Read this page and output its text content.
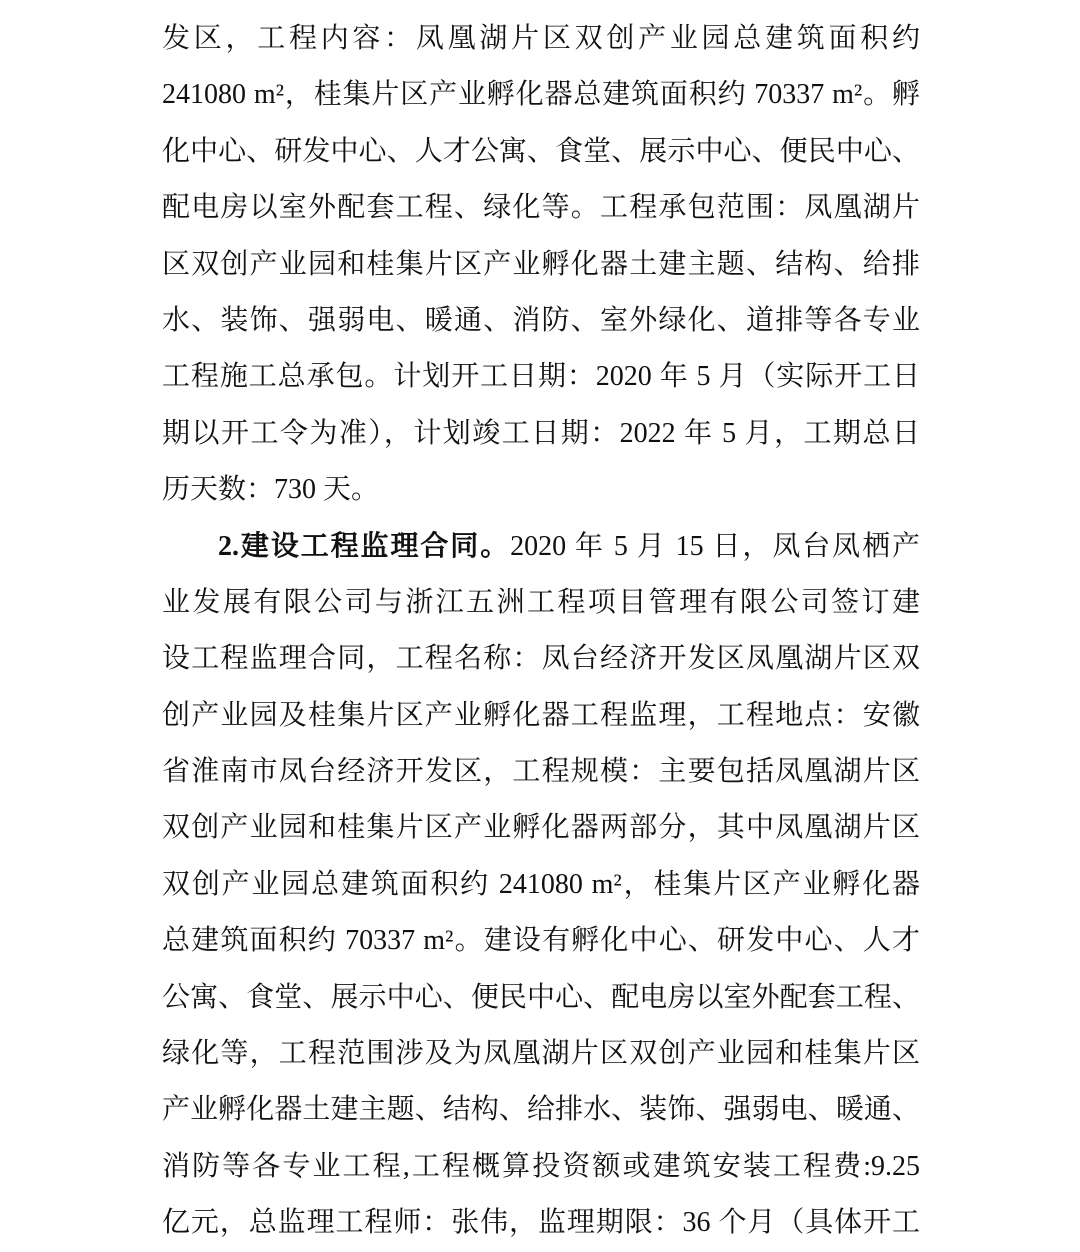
发区，工程内容：凤凰湖片区双创产业园总建筑面积约
241080 m²，桂集片区产业孵化器总建筑面积约 70337 m²。孵
化中心、研发中心、人才公寓、食堂、展示中心、便民中心、
配电房以室外配套工程、绿化等。工程承包范围：凤凰湖片
区双创产业园和桂集片区产业孵化器土建主题、结构、给排
水、装饰、强弱电、暖通、消防、室外绿化、道排等各专业
工程施工总承包。计划开工日期：2020 年 5 月（实际开工日
期以开工令为准），计划竣工日期：2022 年 5 月，工期总日
历天数：730 天。
2.建设工程监理合同。2020 年 5 月 15 日，凤台凤栖产
业发展有限公司与浙江五洲工程项目管理有限公司签订建
设工程监理合同，工程名称：凤台经济开发区凤凰湖片区双
创产业园及桂集片区产业孵化器工程监理，工程地点：安徽
省淮南市凤台经济开发区，工程规模：主要包括凤凰湖片区
双创产业园和桂集片区产业孵化器两部分，其中凤凰湖片区
双创产业园总建筑面积约 241080 m²，桂集片区产业孵化器
总建筑面积约 70337 m²。建设有孵化中心、研发中心、人才
公寓、食堂、展示中心、便民中心、配电房以室外配套工程、
绿化等，工程范围涉及为凤凰湖片区双创产业园和桂集片区
产业孵化器土建主题、结构、给排水、装饰、强弱电、暖通、
消防等各专业工程,工程概算投资额或建筑安装工程费:9.25
亿元，总监理工程师：张伟，监理期限：36 个月（具体开工
